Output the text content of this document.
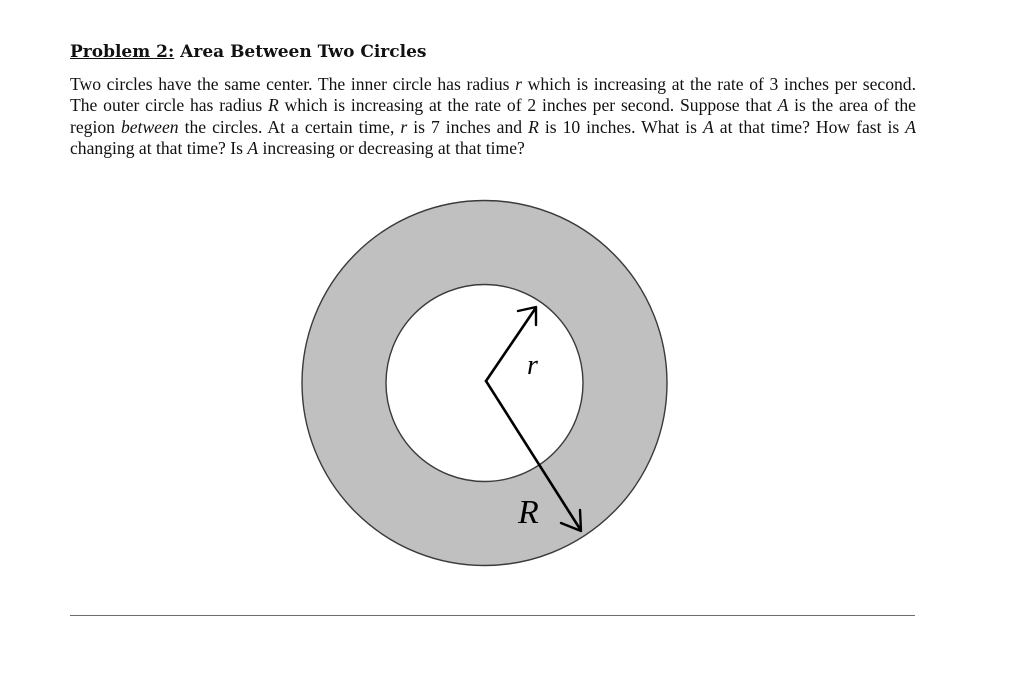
Problem 2: Area Between Two Circles
Two circles have the same center. The inner circle has radius r which is increasing at the rate of 3 inches per second. The outer circle has radius R which is increasing at the rate of 2 inches per second. Suppose that A is the area of the region between the circles. At a certain time, r is 7 inches and R is 10 inches. What is A at that time? How fast is A changing at that time? Is A increasing or decreasing at that time?
r
R
